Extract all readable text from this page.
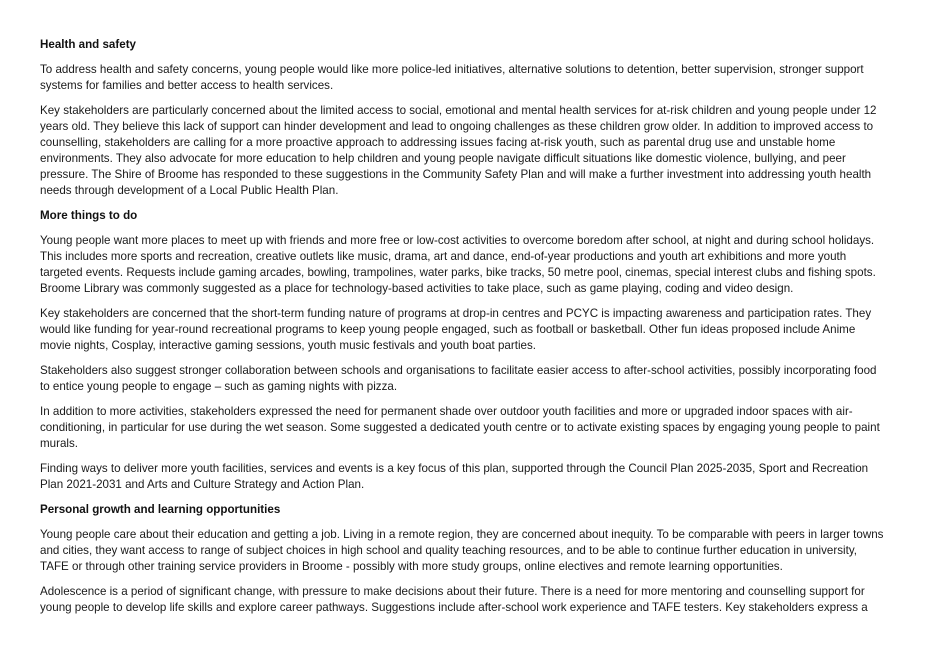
Health and safety

To address health and safety concerns, young people would like more police-led initiatives, alternative solutions to detention, better supervision, stronger support systems for families and better access to health services.

Key stakeholders are particularly concerned about the limited access to social, emotional and mental health services for at-risk children and young people under 12 years old. They believe this lack of support can hinder development and lead to ongoing challenges as these children grow older. In addition to improved access to counselling, stakeholders are calling for a more proactive approach to addressing issues facing at-risk youth, such as parental drug use and unstable home environments. They also advocate for more education to help children and young people navigate difficult situations like domestic violence, bullying, and peer pressure. The Shire of Broome has responded to these suggestions in the Community Safety Plan and will make a further investment into addressing youth health needs through development of a Local Public Health Plan.

More things to do

Young people want more places to meet up with friends and more free or low-cost activities to overcome boredom after school, at night and during school holidays. This includes more sports and recreation, creative outlets like music, drama, art and dance, end-of-year productions and youth art exhibitions and more youth targeted events. Requests include gaming arcades, bowling, trampolines, water parks, bike tracks, 50 metre pool, cinemas, special interest clubs and fishing spots. Broome Library was commonly suggested as a place for technology-based activities to take place, such as game playing, coding and video design.

Key stakeholders are concerned that the short-term funding nature of programs at drop-in centres and PCYC is impacting awareness and participation rates. They would like funding for year-round recreational programs to keep young people engaged, such as football or basketball. Other fun ideas proposed include Anime movie nights, Cosplay, interactive gaming sessions, youth music festivals and youth boat parties.

Stakeholders also suggest stronger collaboration between schools and organisations to facilitate easier access to after-school activities, possibly incorporating food to entice young people to engage – such as gaming nights with pizza.

In addition to more activities, stakeholders expressed the need for permanent shade over outdoor youth facilities and more or upgraded indoor spaces with air-conditioning, in particular for use during the wet season. Some suggested a dedicated youth centre or to activate existing spaces by engaging young people to paint murals.

Finding ways to deliver more youth facilities, services and events is a key focus of this plan, supported through the Council Plan 2025-2035, Sport and Recreation Plan 2021-2031 and Arts and Culture Strategy and Action Plan.

Personal growth and learning opportunities

Young people care about their education and getting a job. Living in a remote region, they are concerned about inequity. To be comparable with peers in larger towns and cities, they want access to range of subject choices in high school and quality teaching resources, and to be able to continue further education in university, TAFE or through other training service providers in Broome - possibly with more study groups, online electives and remote learning opportunities.

Adolescence is a period of significant change, with pressure to make decisions about their future. There is a need for more mentoring and counselling support for young people to develop life skills and explore career pathways. Suggestions include after-school work experience and TAFE testers. Key stakeholders express a
